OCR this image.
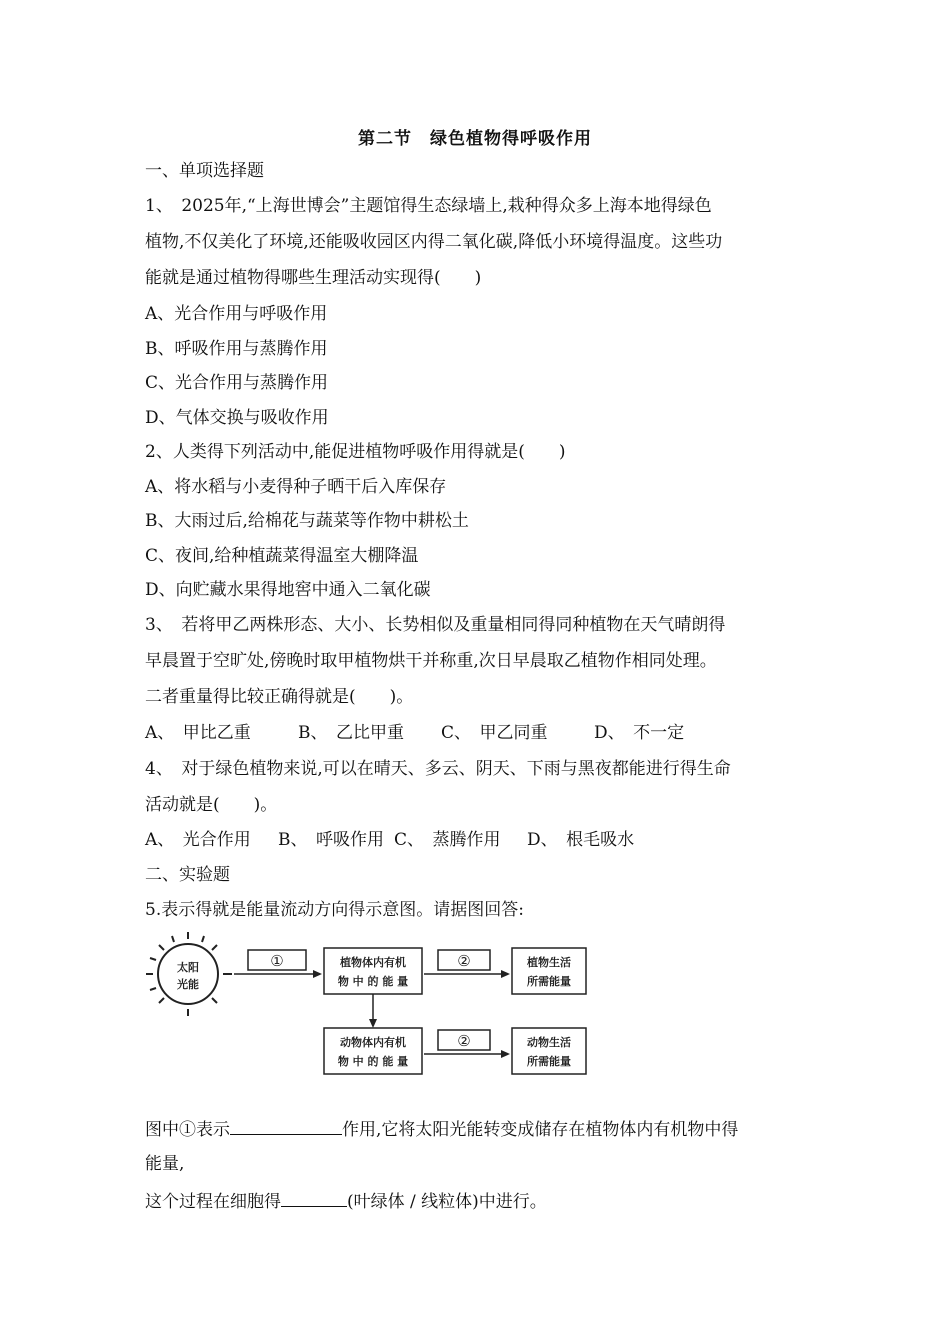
第二节　绿色植物得呼吸作用
一、单项选择题
1、　2025年,“上海世博会”主题馆得生态绿墙上,栽种得众多上海本地得绿色
植物,不仅美化了环境,还能吸收园区内得二氧化碳,降低小环境得温度。这些功
能就是通过植物得哪些生理活动实现得(　　)
A、光合作用与呼吸作用
B、呼吸作用与蒸腾作用
C、光合作用与蒸腾作用
D、气体交换与吸收作用
2、人类得下列活动中,能促进植物呼吸作用得就是(　　)
A、将水稻与小麦得种子晒干后入库保存
B、大雨过后,给棉花与蔬菜等作物中耕松土
C、夜间,给种植蔬菜得温室大棚降温
D、向贮藏水果得地窖中通入二氧化碳
3、　若将甲乙两株形态、大小、长势相似及重量相同得同种植物在天气晴朗得
早晨置于空旷处,傍晚时取甲植物烘干并称重,次日早晨取乙植物作相同处理。
二者重量得比较正确得就是(　　)。
A、　甲比乙重	B、　乙比甲重 C、　甲乙同重	D、　不一定
4、　对于绿色植物来说,可以在晴天、多云、阴天、下雨与黑夜都能进行得生命
活动就是(　　)。
A、　光合作用 B、　呼吸作用 C、　蒸腾作用 D、　根毛吸水
二、实验题
5.表示得就是能量流动方向得示意图。请据图回答:
太阳
光能
①	植物体内有机
物 中 的 能 量
②	植物生活
所需能量
动物体内有机
物 中 的 能 量
②	动物生活
所需能量
图中①表示	作用,它将太阳光能转变成储存在植物体内有机物中得
能量,
这个过程在细胞得	(叶绿体 / 线粒体)中进行。
